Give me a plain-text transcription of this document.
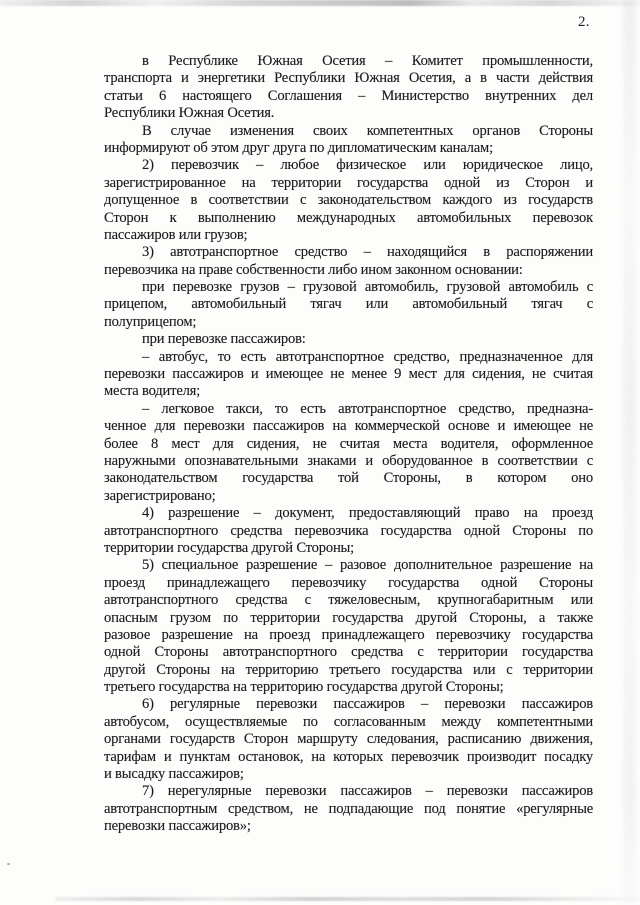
2.
в Республике Южная Осетия – Комитет промышленности,
транспорта и энергетики Республики Южная Осетия, а в части действия
статьи 6 настоящего Соглашения – Министерство внутренних дел
Республики Южная Осетия.
В случае изменения своих компетентных органов Стороны
информируют об этом друг друга по дипломатическим каналам;
2) перевозчик – любое физическое или юридическое лицо,
зарегистрированное на территории государства одной из Сторон и
допущенное в соответствии с законодательством каждого из государств
Сторон к выполнению международных автомобильных перевозок
пассажиров или грузов;
3) автотранспортное средство – находящийся в распоряжении
перевозчика на праве собственности либо ином законном основании:
при перевозке грузов – грузовой автомобиль, грузовой автомобиль с
прицепом, автомобильный тягач или автомобильный тягач с
полуприцепом;
при перевозке пассажиров:
– автобус, то есть автотранспортное средство, предназначенное для
перевозки пассажиров и имеющее не менее 9 мест для сидения, не считая
места водителя;
– легковое такси, то есть автотранспортное средство, предназна-
ченное для перевозки пассажиров на коммерческой основе и имеющее не
более 8 мест для сидения, не считая места водителя, оформленное
наружными опознавательными знаками и оборудованное в соответствии с
законодательством государства той Стороны, в котором оно
зарегистрировано;
4) разрешение – документ, предоставляющий право на проезд
автотранспортного средства перевозчика государства одной Стороны по
территории государства другой Стороны;
5) специальное разрешение – разовое дополнительное разрешение на
проезд принадлежащего перевозчику государства одной Стороны
автотранспортного средства с тяжеловесным, крупногабаритным или
опасным грузом по территории государства другой Стороны, а также
разовое разрешение на проезд принадлежащего перевозчику государства
одной Стороны автотранспортного средства с территории государства
другой Стороны на территорию третьего государства или с территории
третьего государства на территорию государства другой Стороны;
6) регулярные перевозки пассажиров – перевозки пассажиров
автобусом, осуществляемые по согласованным между компетентными
органами государств Сторон маршруту следования, расписанию движения,
тарифам и пунктам остановок, на которых перевозчик производит посадку
и высадку пассажиров;
7) нерегулярные перевозки пассажиров – перевозки пассажиров
автотранспортным средством, не подпадающие под понятие «регулярные
перевозки пассажиров»;
